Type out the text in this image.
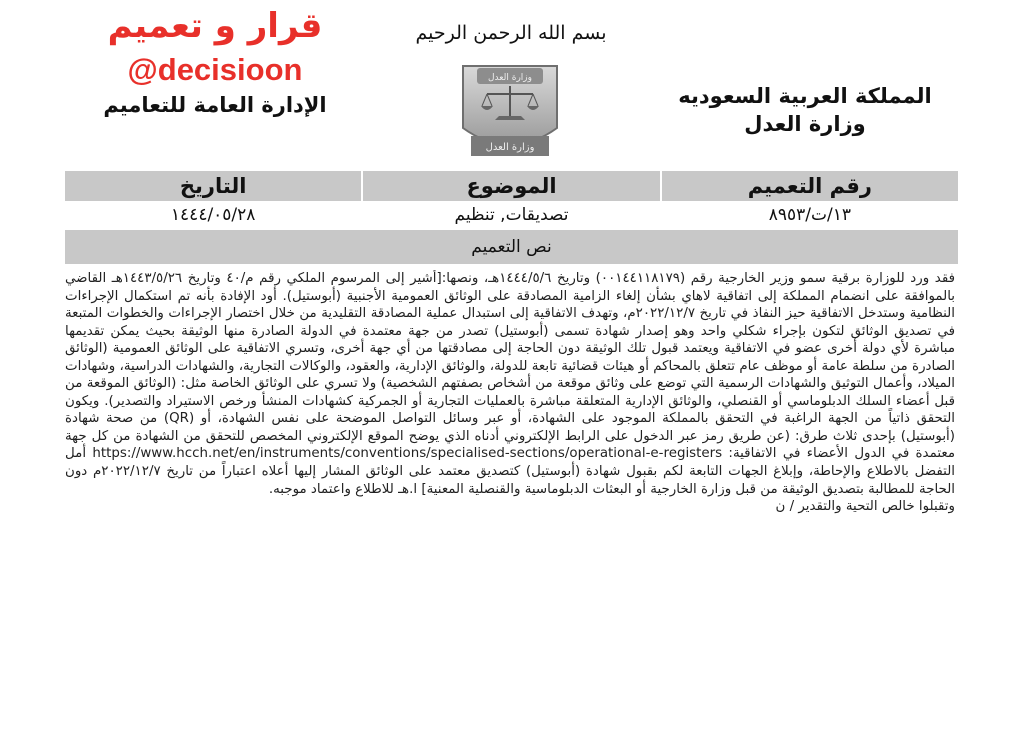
قرار و تعميم
@decisioon
الإدارة العامة للتعاميم
بسم الله الرحمن الرحيم
وزارة العدل
وزارة العدل
المملكة العربية السعوديه
وزارة العدل
رقم التعميم	الموضوع	التاريخ
١٣/ت/٨٩٥٣	تصديقات, تنظيم	١٤٤٤/٠٥/٢٨
نص التعميم
فقد ورد للوزارة برقية سمو وزير الخارجية رقم (٠٠١٤٤١١٨١٧٩) وتاريخ ١٤٤٤/٥/٦هـ، ونصها:[أشير إلى المرسوم الملكي رقم م/٤٠ وتاريخ ١٤٤٣/٥/٢٦هـ القاضي بالموافقة على انضمام المملكة إلى اتفاقية لاهاي بشأن إلغاء الزامية المصادقة على الوثائق العمومية الأجنبية (أبوستيل). أود الإفادة بأنه تم استكمال الإجراءات النظامية وستدخل الاتفاقية حيز النفاذ في تاريخ ٢٠٢٢/١٢/٧م، وتهدف الاتفاقية إلى استبدال عملية المصادقة التقليدية من خلال اختصار الإجراءات والخطوات المتبعة في تصديق الوثائق لتكون بإجراء شكلي واحد وهو إصدار شهادة تسمى (أبوستيل) تصدر من جهة معتمدة في الدولة الصادرة منها الوثيقة بحيث يمكن تقديمها مباشرة لأي دولة أخرى عضو في الاتفاقية ويعتمد قبول تلك الوثيقة دون الحاجة إلى مصادقتها من أي جهة أخرى، وتسري الاتفاقية على الوثائق العمومية (الوثائق الصادرة من سلطة عامة أو موظف عام تتعلق بالمحاكم أو هيئات قضائية تابعة للدولة، والوثائق الإدارية، والعقود، والوكالات التجارية، والشهادات الدراسية، وشهادات الميلاد، وأعمال التوثيق والشهادات الرسمية التي توضع على وثائق موقعة من أشخاص بصفتهم الشخصية) ولا تسري على الوثائق الخاصة مثل: (الوثائق الموقعة من قبل أعضاء السلك الدبلوماسي أو القنصلي، والوثائق الإدارية المتعلقة مباشرة بالعمليات التجارية أو الجمركية كشهادات المنشأ ورخص الاستيراد والتصدير). ويكون التحقق ذاتياً من الجهة الراغبة في التحقق بالمملكة الموجود على الشهادة، أو عبر وسائل التواصل الموضحة على نفس الشهادة، أو (QR) من صحة شهادة (أبوستيل) بإحدى ثلاث طرق: (عن طريق رمز عبر الدخول على الرابط الإلكتروني أدناه الذي يوضح الموقع الإلكتروني المخصص للتحقق من الشهادة من كل جهة معتمدة في الدول الأعضاء في الاتفاقية: https://www.hcch.net/en/instruments/conventions/specialised-sections/operational-e-registers أمل التفضل بالاطلاع والإحاطة، وإبلاغ الجهات التابعة لكم بقبول شهادة (أبوستيل) كتصديق معتمد على الوثائق المشار إليها أعلاه اعتباراً من تاريخ ٢٠٢٢/١٢/٧م دون الحاجة للمطالبة بتصديق الوثيقة من قبل وزارة الخارجية أو البعثات الدبلوماسية والقنصلية المعنية] ا.هـ للاطلاع واعتماد موجبه.
وتقبلوا خالص التحية والتقدير / ن
